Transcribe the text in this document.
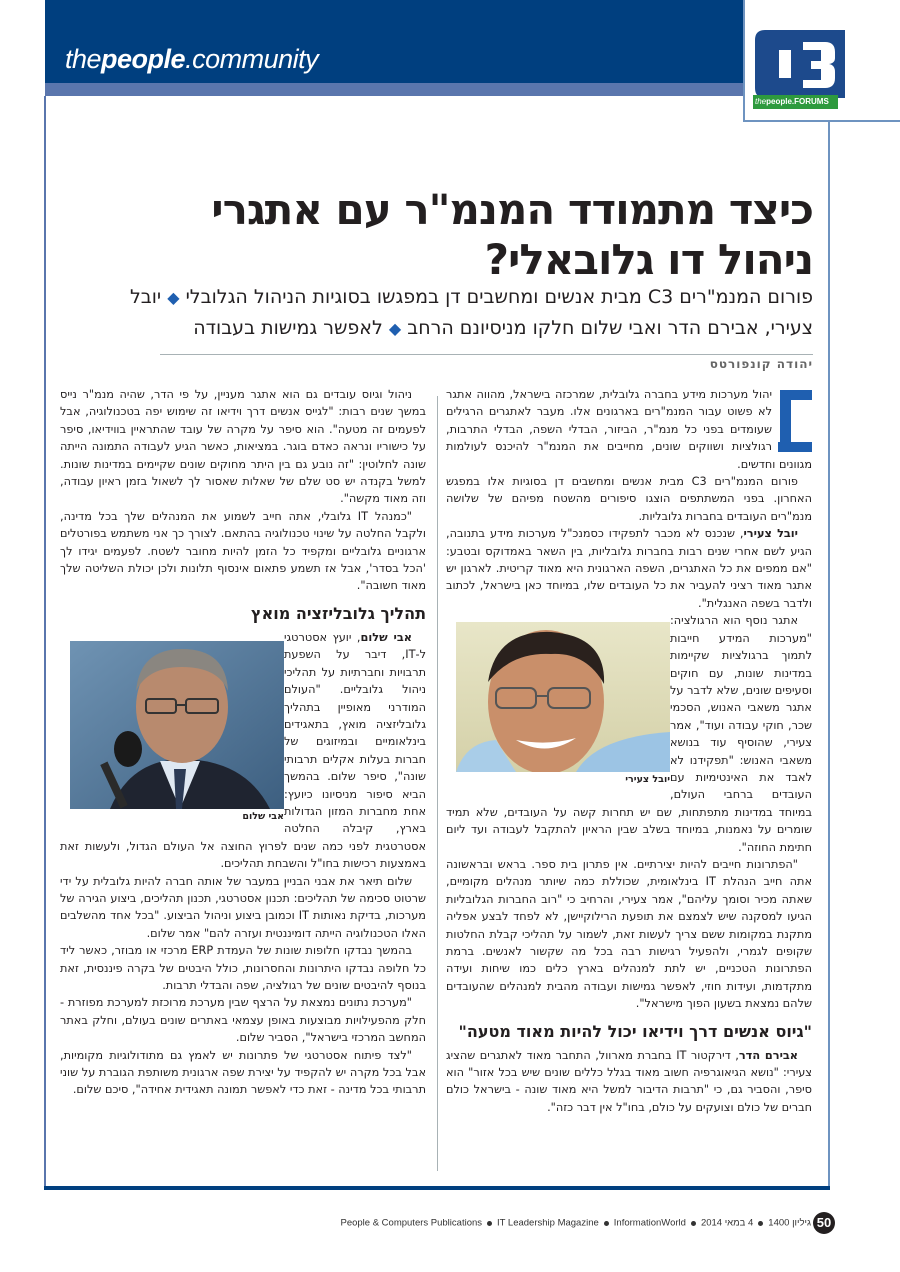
thepeople.community
thepeople.FORUMS
כיצד מתמודד המנמ"ר עם אתגרי ניהול דו גלובאלי?
פורום המנמ"רים C3 מבית אנשים ומחשבים דן במפגשו בסוגיות הניהול הגלובלי ◆ יובל צעירי, אבירם הדר ואבי שלום חלקו מניסיונם הרחב ◆ לאפשר גמישות בעבודה
יהודה קונפורטס

יהול מערכות מידע בחברה גלובלית, שמרכזה בישראל, מהווה אתגר לא פשוט עבור המנמ"רים בארגונים אלו. מעבר לאתגרים הרגילים שעומדים בפני כל מנמ"ר, הביזור, הבדלי השפה, הבדלי התרבות, רגולציות ושווקים שונים, מחייבים את המנמ"ר להיכנס לעולמות מגוונים וחדשים.

פורום המנמ"רים C3 מבית אנשים ומחשבים דן בסוגיות אלו במפגש האחרון. בפני המשתתפים הוצגו סיפורים מהשטח מפיהם של שלושה מנמ"רים העובדים בחברות גלובליות.

יובל צעירי, שנכנס לא מכבר לתפקידו כסמנכ"ל מערכות מידע בתנובה, הגיע לשם אחרי שנים רבות בחברות גלובליות, בין השאר באמדוקס ובטבע: "אם ממפים את כל האתגרים, השפה הארגונית היא מאוד קריטית. לארגון יש אתגר מאוד רציני להעביר את כל העובדים שלו, במיוחד כאן בישראל, לכתוב ולדבר בשפה האנגלית".

יובל צעירי

אתגר נוסף הוא הרגולציה: "מערכות המידע חייבות לתמוך ברגולציות שקיימות במדינות שונות, עם חוקים וסעיפים שונים, שלא לדבר על אתגר משאבי האנוש, הסכמי שכר, חוקי עבודה ועוד", אמר צעירי, שהוסיף עוד בנושא משאבי האנוש: "תפקידנו לא לאבד את האינטימיות עם העובדים ברחבי העולם, במיוחד במדינות מתפתחות, שם יש תחרות קשה על העובדים, שלא תמיד שומרים על נאמנות, במיוחד בשלב שבין הראיון להתקבל לעבודה ועד ליום חתימת החוזה".

"הפתרונות חייבים להיות יצירתיים. אין פתרון בית ספר. בראש ובראשונה אתה חייב הנהלת IT בינלאומית, שכוללת כמה שיותר מנהלים מקומיים, שאתה מכיר וסומך עליהם", אמר צעירי, והרחיב כי "רוב החברות הגלובליות הגיעו למסקנה שיש לצמצם את תופעת הרילוקיישן, לא לפחד לבצע אפליה מתקנת במקומות ששם צריך לעשות זאת, לשמור על תהליכי קבלת החלטות שקופים לגמרי, ולהפעיל רגישות רבה בכל מה שקשור לאנשים. ברמת הפתרונות הטכניים, יש לתת למנהלים בארץ כלים כמו שיחות ועידה מתקדמות, ועידות חוזי, לאפשר גמישות ועבודה מהבית למנהלים שהעובדים שלהם נמצאת בשעון הפוך מישראל".

"גיוס אנשים דרך וידיאו יכול להיות מאוד מטעה"

אבירם הדר, דירקטור IT בחברת מארוול, התחבר מאוד לאתגרים שהציג צעירי: "נושא הגיאוגרפיה חשוב מאוד בגלל כללים שונים שיש בכל אזור" הוא סיפר, והסביר גם, כי "תרבות הדיבור למשל היא מאוד שונה - בישראל כולם חברים של כולם וצועקים על כולם, בחו"ל אין דבר כזה".

ניהול וגיוס עובדים גם הוא אתגר מעניין, על פי הדר, שהיה מנמ"ר נייס במשך שנים רבות: "לגייס אנשים דרך וידיאו זה שימוש יפה בטכנולוגיה, אבל לפעמים זה מטעה". הוא סיפר על מקרה של עובד שהתראיין בווידיאו, סיפר על כישוריו ונראה כאדם בוגר. במציאות, כאשר הגיע לעבודה התמונה הייתה שונה לחלוטין: "זה נובע גם בין היתר מחוקים שונים שקיימים במדינות שונות. למשל בקנדה יש סט שלם של שאלות שאסור לך לשאול בזמן ראיון עבודה, וזה מאוד מקשה".

"כמנהל IT גלובלי, אתה חייב לשמוע את המנהלים שלך בכל מדינה, ולקבל החלטה על שינוי טכנולוגיה בהתאם. לצורך כך אני משתמש בפורטלים ארגוניים גלובליים ומקפיד כל הזמן להיות מחובר לשטח. לפעמים יגידו לך 'הכל בסדר', אבל אז תשמע פתאום אינסוף תלונות ולכן יכולת השליטה שלך מאוד חשובה".

תהליך גלובליזציה מואץ
אבי שלום

אבי שלום, יועץ אסטרטגי ל-IT, דיבר על השפעת תרבויות וחברתיות על תהליכי ניהול גלובליים. "העולם המודרני מאופיין בתהליך גלובליזציה מואץ, בתאגידים בינלאומיים ובמיזוגים של חברות בעלות אקלים תרבותי שונה", סיפר שלום. בהמשך הביא סיפור מניסיונו כיועץ: אחת מחברות המזון הגדולות בארץ, קיבלה החלטה אסטרטגית לפני כמה שנים לפרוץ החוצה אל העולם הגדול, ולעשות זאת באמצעות רכישות בחו"ל והשבחת תהליכים.

שלום תיאר את אבני הבניין במעבר של אותה חברה להיות גלובלית על ידי שרטוט סכימה של תהליכים: תכנון אסטרטגי, תכנון תהליכים, ביצוע הגירה של מערכות, בדיקת נאותות IT וכמובן ביצוע וניהול הביצוע. "בכל אחד מהשלבים האלו הטכנולוגיה הייתה דומיננטית ועזרה להם" אמר שלום.

בהמשך נבדקו חלופות שונות של העמדת ERP מרכזי או מבוזר, כאשר ליד כל חלופה נבדקו היתרונות והחסרונות, כולל היבטים של בקרה פיננסית, זאת בנוסף להיבטים שונים של רגולציה, שפה והבדלי תרבות.

"מערכת נתונים נמצאת על הרצף שבין מערכת מרוכזת למערכת מפוזרת - חלק מהפעילויות מבוצעות באופן עצמאי באתרים שונים בעולם, וחלק באתר המחשב המרכזי בישראל", הסביר שלום.

"לצד פיתוח אסטרטגי של פתרונות יש לאמץ גם מתודולוגיות מקומיות, אבל בכל מקרה יש להקפיד על יצירת שפה ארגונית משותפת הגוברת על שוני תרבותי בכל מדינה - זאת כדי לאפשר תמונה תאגידית אחידה", סיכם שלום.

People & Computers Publications IT Leadership Magazine InformationWorld 4 במאי 2014 גיליון 1400 50
